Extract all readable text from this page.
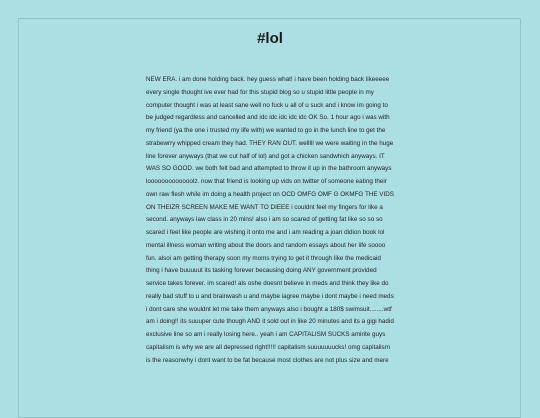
#lol

NEW ERA. i am done holding back. hey guess what! i have been holding back likeeeee every single thought ive ever had for this stupid blog so u stupid little people in my computer thought i was at least sane well no fuck u all of u suck and i know im going to be judged regardless and cancelled and idc idc idc idc idc OK So. 1 hour ago i was with my friend (ya the one i trusted my life with) we wanted to go in the lunch line to get the strabewrry whipped cream they had. THEY RAN OUT. welllll we were waiting in the huge line forever anyways (that we cut half of lol) and got a chicken sandwhich anyways. IT WAS SO GOOD. we both felt bad and attempted to throw it up in the bathroom anyways looooooooooooolz. now that friend is looking up vids on twitter of someone eating their own raw flesh while im doing a health project on OCD OMFG OMF G OKMFG THE VIDS ON THEIZR SCREEN MAKE ME WANT TO DIEEE i couldnt feel my fingers for like a second. anyways law class in 20 mins! also i am so scared of getting fat like so so so scared i feel like people are wishing it onto me and i am reading a joan didion book lol mental illness woman writing about the doors and random essays about her life soooo fun. alsoi am getting therapy soon my moms trying to get it through like the medicaid thing i have buuuuut its tasking forever becausing doing ANY government provided service takes forever. im scared! als oshe doesnt believe in meds and think they like do really bad stuff to u and brainwash u and maybe iagree maybe i dont maybe i need meds i dont care she wouldnt let me take them anyways also i bought a 180$ swimsuit........wtf am i doing!! its suuuper cute though AND it sold out in like 20 minutes and its a gigi hadid exclusive line so am i really losing here.. yeah i am CAPITALISM SUCKS amirite guys capitalism is why we are all depressed right!!!!! capitalism suuuuuuucks! omg capitalism is the reasonwhy i dont want to be fat because most clothes are not plus size and mere
